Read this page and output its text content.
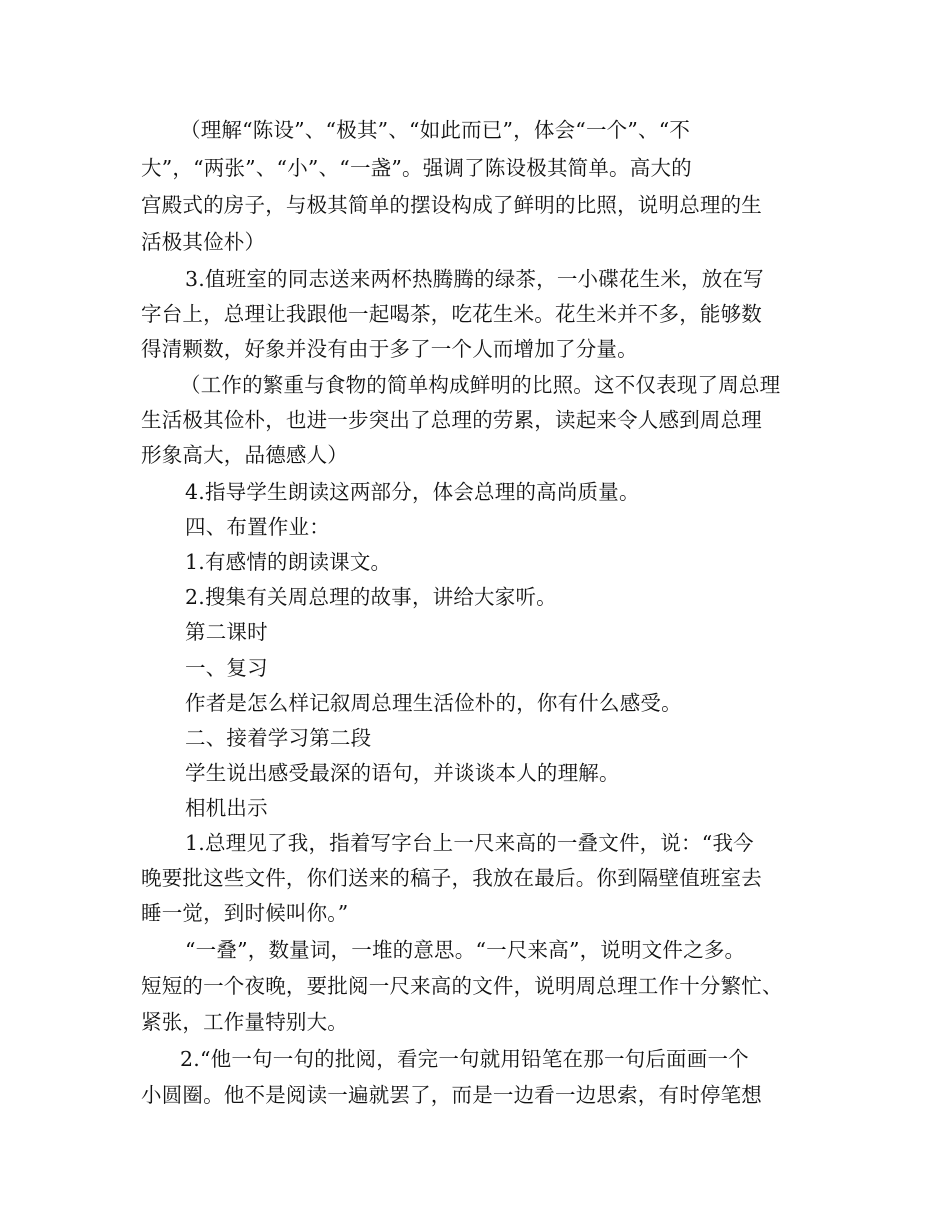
（理解“陈设”、“极其”、“如此而已”，体会“一个”、“不
大”，“两张”、“小”、“一盏”。强调了陈设极其简单。高大的
宫殿式的房子，与极其简单的摆设构成了鲜明的比照，说明总理的生
活极其俭朴）
3.值班室的同志送来两杯热腾腾的绿茶，一小碟花生米，放在写
字台上，总理让我跟他一起喝茶，吃花生米。花生米并不多，能够数
得清颗数，好象并没有由于多了一个人而增加了分量。
（工作的繁重与食物的简单构成鲜明的比照。这不仅表现了周总理
生活极其俭朴，也进一步突出了总理的劳累，读起来令人感到周总理
形象高大，品德感人）
4.指导学生朗读这两部分，体会总理的高尚质量。
四、布置作业：
1.有感情的朗读课文。
2.搜集有关周总理的故事，讲给大家听。
第二课时
一、复习
作者是怎么样记叙周总理生活俭朴的，你有什么感受。
二、接着学习第二段
学生说出感受最深的语句，并谈谈本人的理解。
相机出示
1.总理见了我，指着写字台上一尺来高的一叠文件，说：“我今
晚要批这些文件，你们送来的稿子，我放在最后。你到隔壁值班室去
睡一觉，到时候叫你。”
“一叠”，数量词，一堆的意思。“一尺来高”，说明文件之多。
短短的一个夜晚，要批阅一尺来高的文件，说明周总理工作十分繁忙、
紧张，工作量特别大。
2.“他一句一句的批阅，看完一句就用铅笔在那一句后面画一个
小圆圈。他不是阅读一遍就罢了，而是一边看一边思索，有时停笔想
